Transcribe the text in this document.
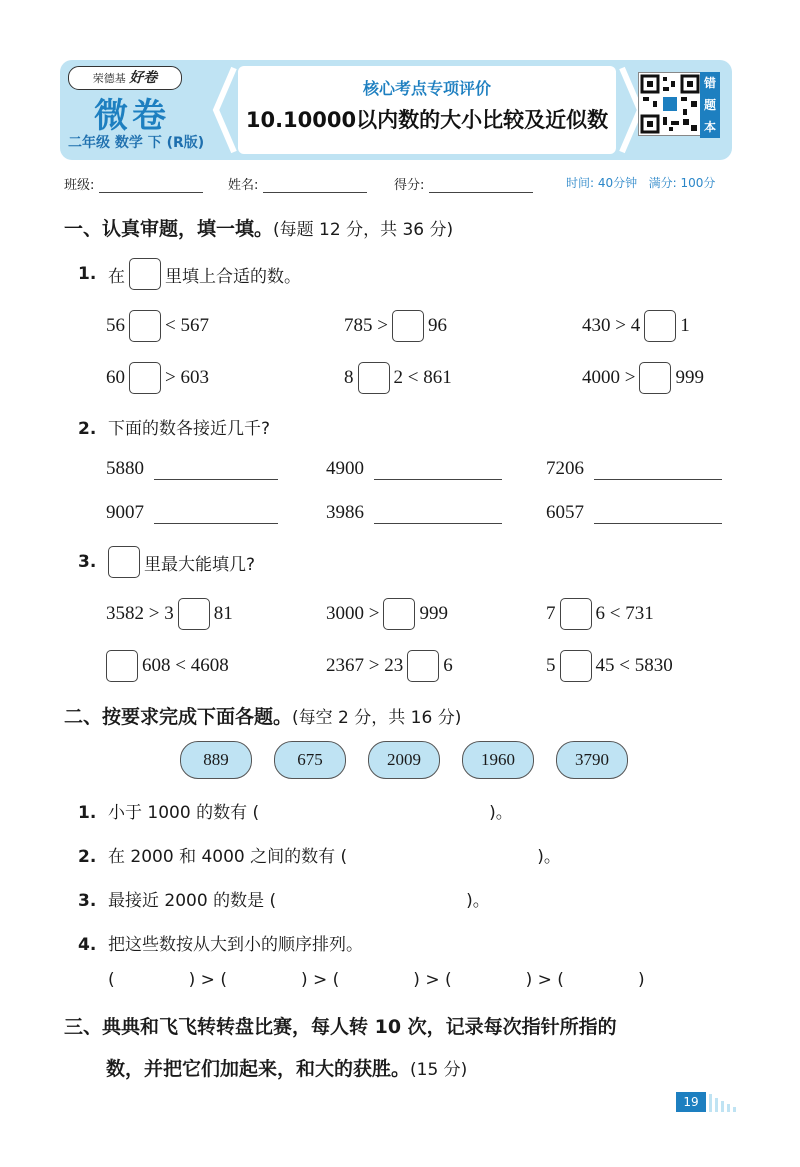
荣德基 好卷
微卷
二年级 数学 下 (R版)
核心考点专项评价
10.10000以内数的大小比较及近似数
错
题
本
班级:	姓名:	得分:	时间: 40分钟 满分: 100分
一、认真审题，填一填。(每题 12 分，共 36 分)
1. 在 里填上合适的数。
56 < 567	785 > 96	430 > 4 1
60 > 603	8 2 < 861	4000 > 999
2. 下面的数各接近几千?
5880	4900	7206
9007	3986	6057
3.	里最大能填几?
3582 > 3 81	3000 > 999	7 6 < 731
608 < 4608	2367 > 23 6	5 45 < 5830
二、按要求完成下面各题。(每空 2 分，共 16 分)
889	675	2009	1960	3790
1. 小于 1000 的数有 (	)。
2. 在 2000 和 4000 之间的数有 (	)。
3. 最接近 2000 的数是 (	)。
4. 把这些数按从大到小的顺序排列。
(	) > (	) > (	) > (	) > (	)
三、典典和飞飞转转盘比赛，每人转 10 次，记录每次指针所指的
数，并把它们加起来，和大的获胜。(15 分)
19
